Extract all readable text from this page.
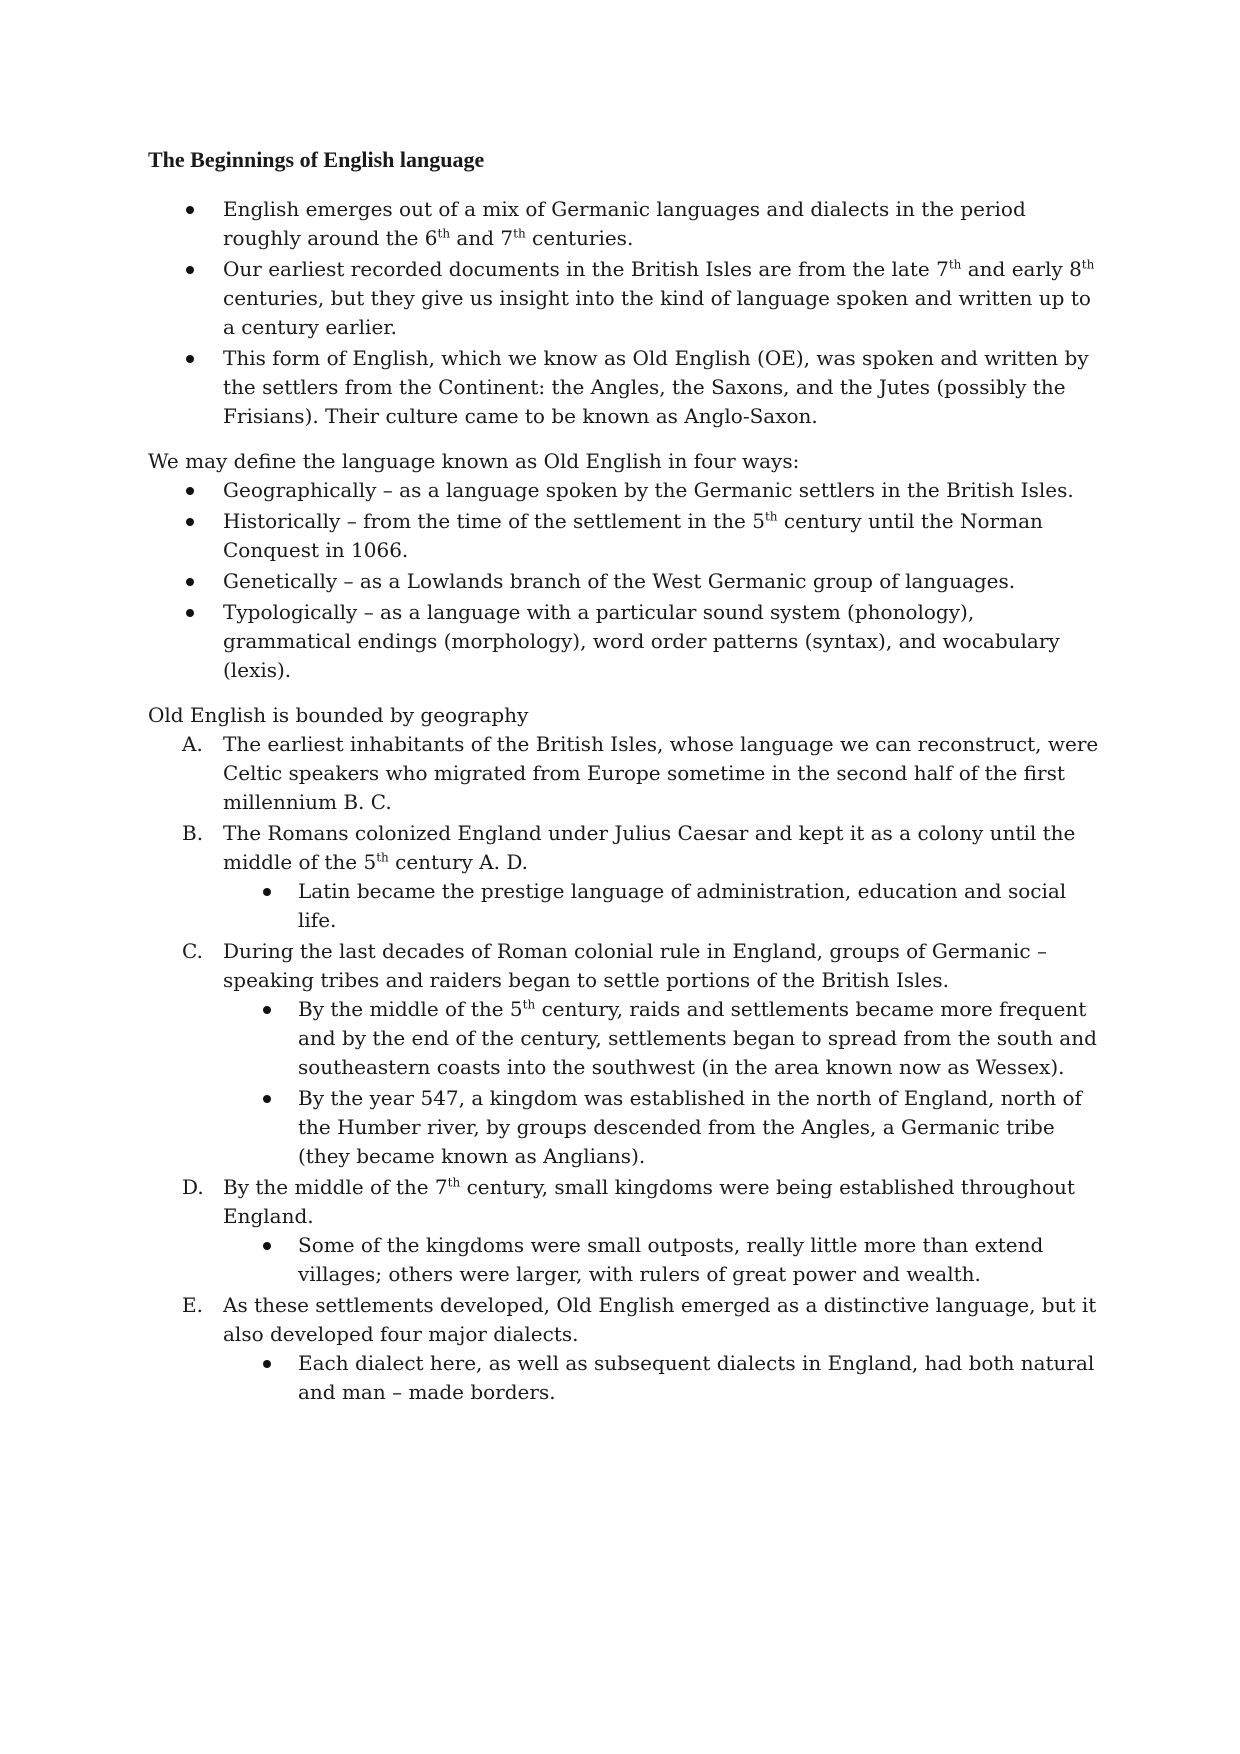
The Beginnings of English language
English emerges out of a mix of Germanic languages and dialects in the period roughly around the 6th and 7th centuries.
Our earliest recorded documents in the British Isles are from the late 7th and early 8th centuries, but they give us insight into the kind of language spoken and written up to a century earlier.
This form of English, which we know as Old English (OE), was spoken and written by the settlers from the Continent: the Angles, the Saxons, and the Jutes (possibly the Frisians). Their culture came to be known as Anglo-Saxon.

We may define the language known as Old English in four ways:

Geographically – as a language spoken by the Germanic settlers in the British Isles.
Historically – from the time of the settlement in the 5th century until the Norman Conquest in 1066.
Genetically – as a Lowlands branch of the West Germanic group of languages.
Typologically – as a language with a particular sound system (phonology), grammatical endings (morphology), word order patterns (syntax), and wocabulary (lexis).

Old English is bounded by geography

A. The earliest inhabitants of the British Isles, whose language we can reconstruct, were Celtic speakers who migrated from Europe sometime in the second half of the first millennium B. C.
B. The Romans colonized England under Julius Caesar and kept it as a colony until the middle of the 5th century A. D.
Latin became the prestige language of administration, education and social life.
C. During the last decades of Roman colonial rule in England, groups of Germanic – speaking tribes and raiders began to settle portions of the British Isles.
By the middle of the 5th century, raids and settlements became more frequent and by the end of the century, settlements began to spread from the south and southeastern coasts into the southwest (in the area known now as Wessex).
By the year 547, a kingdom was established in the north of England, north of the Humber river, by groups descended from the Angles, a Germanic tribe (they became known as Anglians).
D. By the middle of the 7th century, small kingdoms were being established throughout England.
Some of the kingdoms were small outposts, really little more than extend villages; others were larger, with rulers of great power and wealth.
E. As these settlements developed, Old English emerged as a distinctive language, but it also developed four major dialects.
Each dialect here, as well as subsequent dialects in England, had both natural and man – made borders.
